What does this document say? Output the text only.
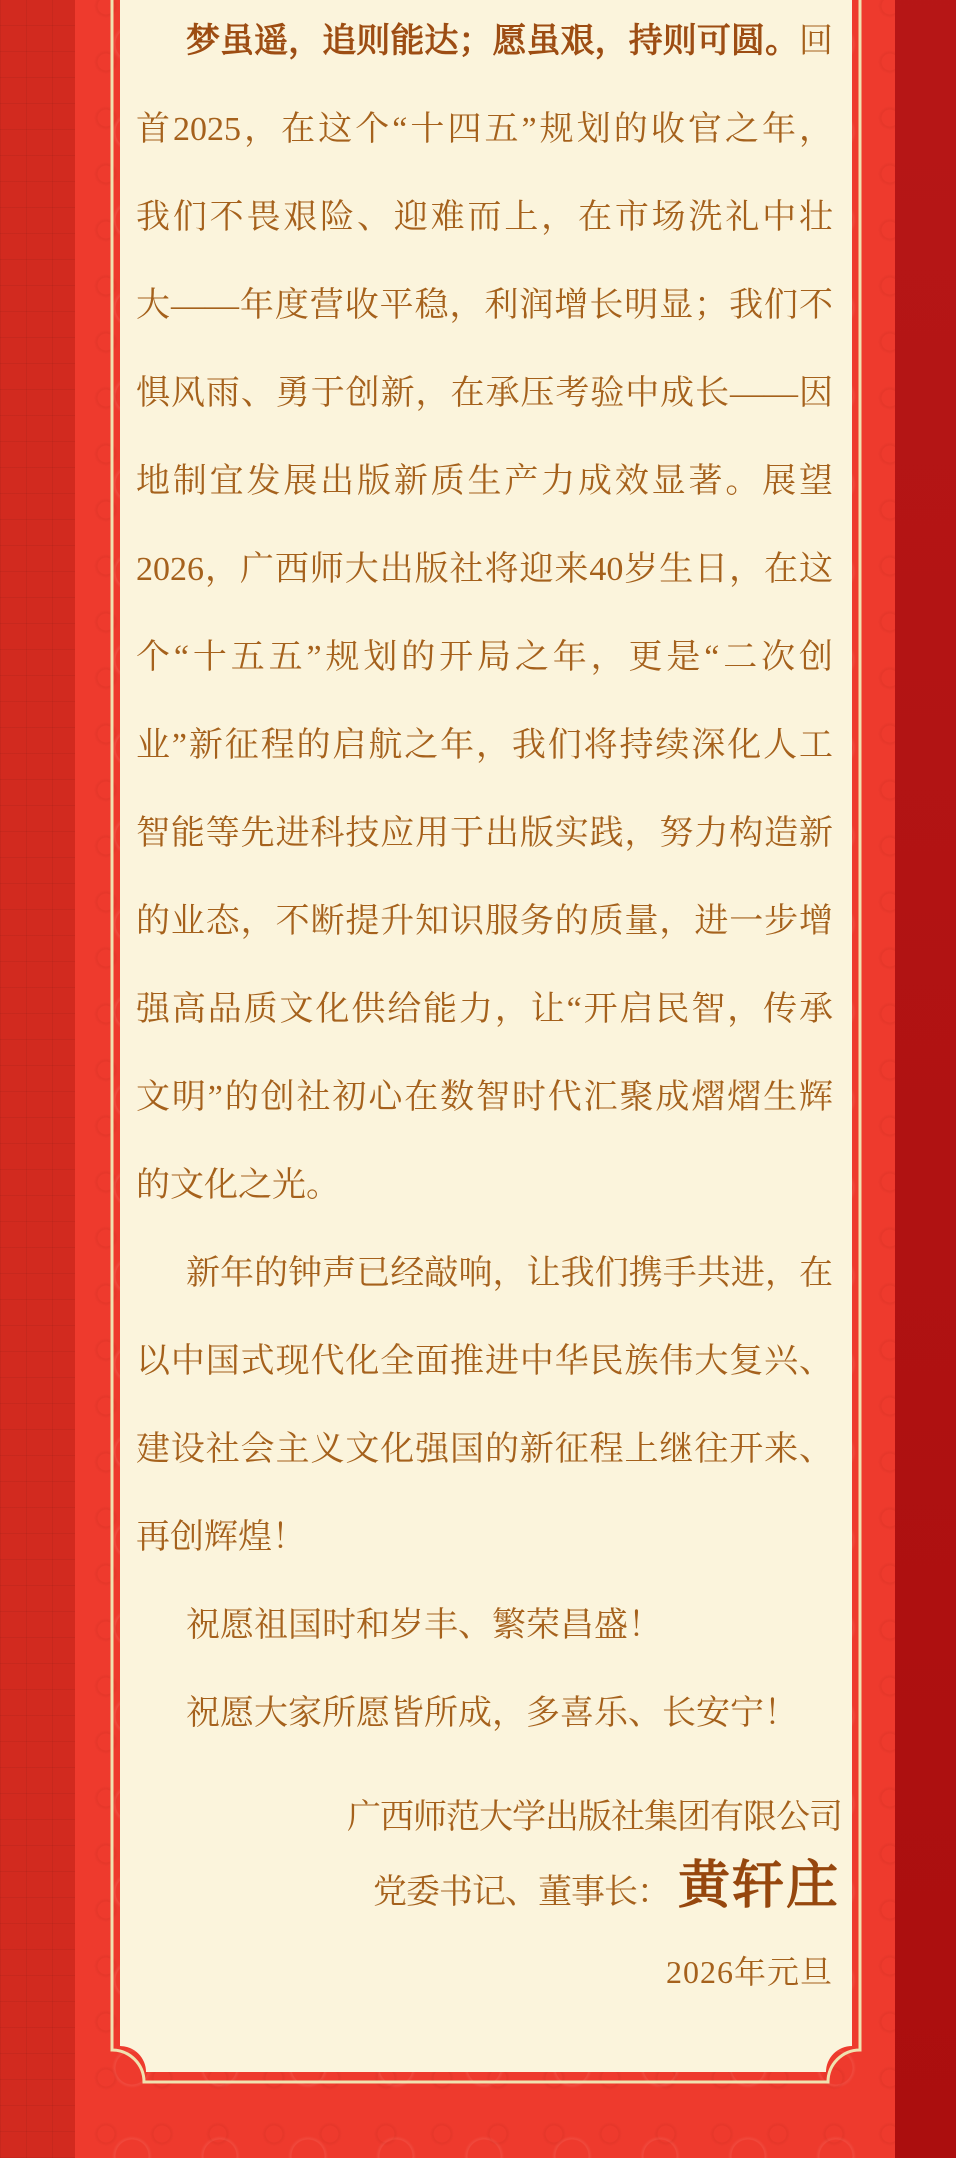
梦虽遥，追则能达；愿虽艰，持则可圆。回
首2025，在这个“十四五”规划的收官之年，
我们不畏艰险、迎难而上，在市场洗礼中壮
大——年度营收平稳，利润增长明显；我们不
惧风雨、勇于创新，在承压考验中成长——因
地制宜发展出版新质生产力成效显著。展望
2026，广西师大出版社将迎来40岁生日，在这
个“十五五”规划的开局之年，更是“二次创
业”新征程的启航之年，我们将持续深化人工
智能等先进科技应用于出版实践，努力构造新
的业态，不断提升知识服务的质量，进一步增
强高品质文化供给能力，让“开启民智，传承
文明”的创社初心在数智时代汇聚成熠熠生辉
的文化之光。
新年的钟声已经敲响，让我们携手共进，在
以中国式现代化全面推进中华民族伟大复兴、
建设社会主义文化强国的新征程上继往开来、
再创辉煌！
祝愿祖国时和岁丰、繁荣昌盛！
祝愿大家所愿皆所成，多喜乐、长安宁！
广西师范大学出版社集团有限公司
党委书记、董事长： 黄轩庄
2026年元旦
